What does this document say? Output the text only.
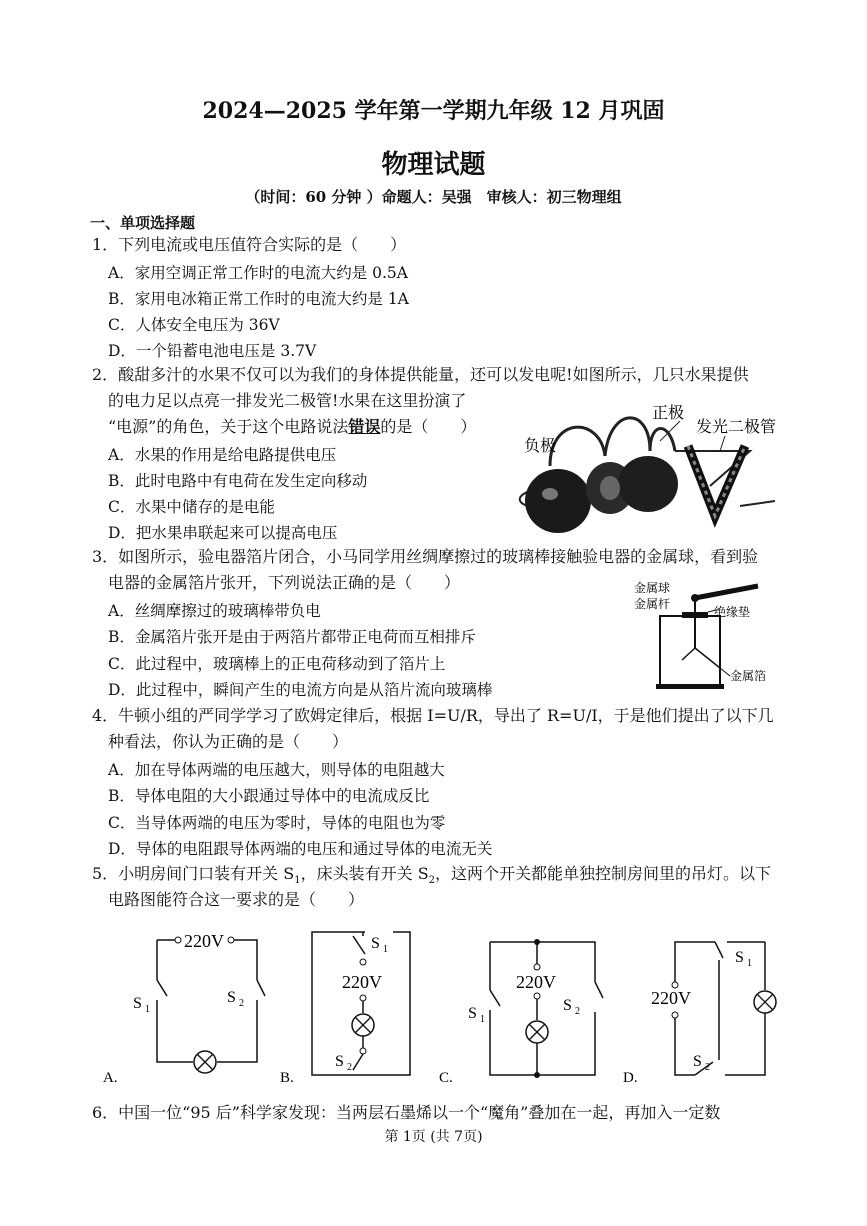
2024—2025 学年第一学期九年级 12 月巩固
物理试题
（时间：60 分钟 ）命题人：吴强　审核人：初三物理组
一、单项选择题
1．下列电流或电压值符合实际的是（　　）
A．家用空调正常工作时的电流大约是 0.5A
B．家用电冰箱正常工作时的电流大约是 1A
C．人体安全电压为 36V
D．一个铅蓄电池电压是 3.7V
2．酸甜多汁的水果不仅可以为我们的身体提供能量，还可以发电呢!如图所示，几只水果提供
的电力足以点亮一排发光二极管!水果在这里扮演了
“电源”的角色，关于这个电路说法错误的是（　　）
A．水果的作用是给电路提供电压
B．此时电路中有电荷在发生定向移动
C．水果中储存的是电能
D．把水果串联起来可以提高电压
负极
正极
发光二极管
3．如图所示，验电器箔片闭合，小马同学用丝绸摩擦过的玻璃棒接触验电器的金属球，看到验
电器的金属箔片张开，下列说法正确的是（　　）
A．丝绸摩擦过的玻璃棒带负电
B．金属箔片张开是由于两箔片都带正电荷而互相排斥
C．此过程中，玻璃棒上的正电荷移动到了箔片上
D．此过程中，瞬间产生的电流方向是从箔片流向玻璃棒
金属球
金属杆
绝缘垫
金属箔
4．牛顿小组的严同学学习了欧姆定律后，根据 I=U/R，导出了 R=U/I，于是他们提出了以下几
种看法，你认为正确的是（　　）
A．加在导体两端的电压越大，则导体的电阻越大
B．导体电阻的大小跟通过导体中的电流成反比
C．当导体两端的电压为零时，导体的电阻也为零
D．导体的电阻跟导体两端的电压和通过导体的电流无关
5．小明房间门口装有开关 $S_1$，床头装有开关 $S_2$，这两个开关都能单独控制房间里的吊灯。以下
电路图能符合这一要求的是（　　）
220V
S 1
S 2
A.
220V
S 1
S 2
B.
220V
S 1
S 2
C.
220V
S 1
S 2
D.
6．中国一位“95 后”科学家发现：当两层石墨烯以一个“魔角”叠加在一起，再加入一定数
第 1页 (共 7页)
